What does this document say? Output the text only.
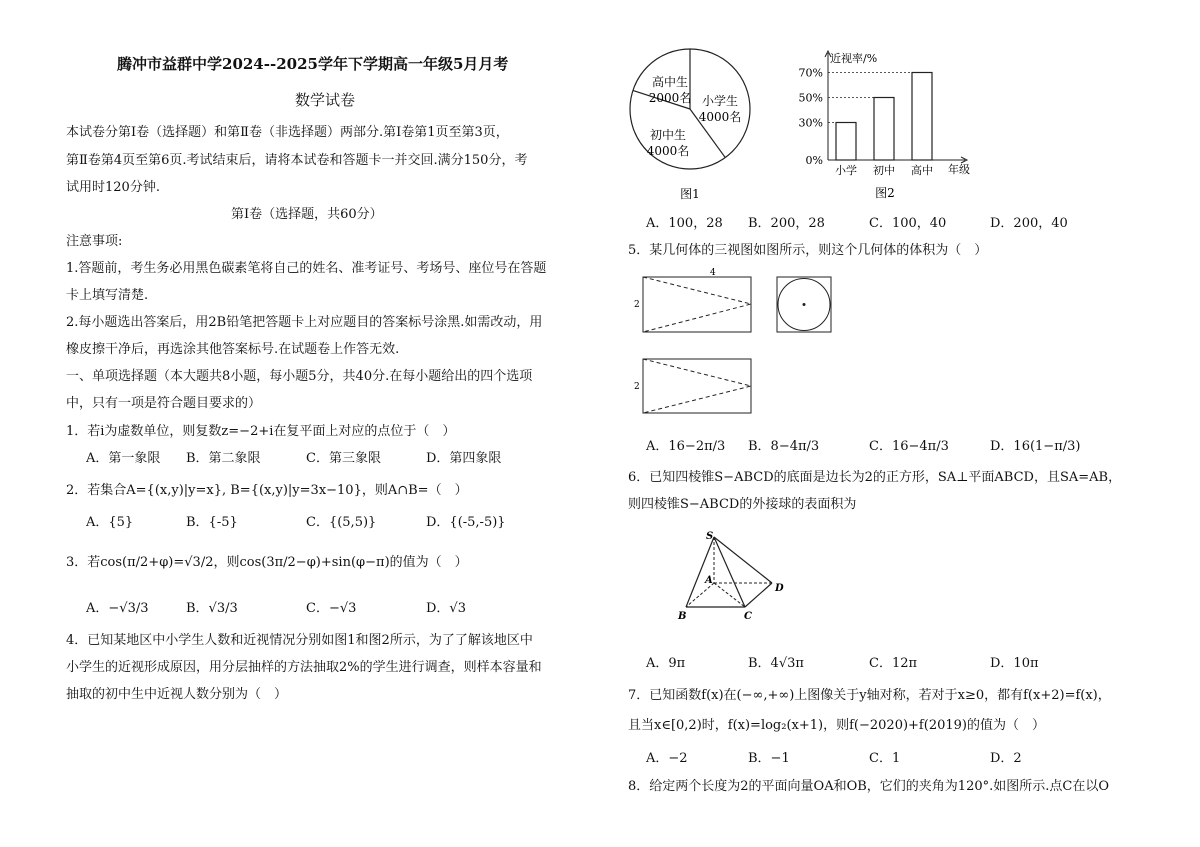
腾冲市益群中学2024--2025学年下学期高一年级5月月考
数学试卷
本试卷分第Ⅰ卷（选择题）和第Ⅱ卷（非选择题）两部分.第Ⅰ卷第1页至第3页，
第Ⅱ卷第4页至第6页.考试结束后，请将本试卷和答题卡一并交回.满分150分，考
试用时120分钟.
第Ⅰ卷（选择题，共60分）
注意事项:
1.答题前，考生务必用黑色碳素笔将自己的姓名、准考证号、考场号、座位号在答题
卡上填写清楚.
2.每小题选出答案后，用2B铅笔把答题卡上对应题目的答案标号涂黑.如需改动，用
橡皮擦干净后，再选涂其他答案标号.在试题卷上作答无效.
一、单项选择题（本大题共8小题，每小题5分，共40分.在每小题给出的四个选项
中，只有一项是符合题目要求的）
1．若i为虚数单位，则复数z=−2+i在复平面上对应的点位于（　）
A．第一象限 B．第二象限	C．第三象限	D．第四象限
2．若集合A={(x,y)|y=x}, B={(x,y)|y=3x−10}，则A∩B=（　）
A．{5}	B．{-5}	C．{(5,5)}	D．{(-5,-5)}
3．若cos(π/2+φ)=√3/2，则cos(3π/2−φ)+sin(φ−π)的值为（　）
A．−√3/3	B．√3/3	C．−√3	D．√3
4．已知某地区中小学生人数和近视情况分别如图1和图2所示，为了了解该地区中
小学生的近视形成原因，用分层抽样的方法抽取2%的学生进行调查，则样本容量和
抽取的初中生中近视人数分别为（　）
高中生
2000名 小学生
4000名
初中生
4000名
图1
0%
30%
小学
50%
初中
70%
高中
近视率/%
年级
图2
A．100，28 B．200，28	C．100，40	D．200，40
5．某几何体的三视图如图所示，则这个几何体的体积为（　）
4
2
2
A．16−2π/3 B．8−4π/3	C．16−4π/3	D．16(1−π/3)
6．已知四棱锥S−ABCD的底面是边长为2的正方形，SA⊥平面ABCD，且SA=AB，
则四棱锥S−ABCD的外接球的表面积为
S
A
B	C
D
A．9π	B．4√3π	C．12π	D．10π
7．已知函数f(x)在(−∞,+∞)上图像关于y轴对称，若对于x≥0，都有f(x+2)=f(x)，
且当x∈[0,2)时，f(x)=log₂(x+1)，则f(−2020)+f(2019)的值为（　）
A．−2	B．−1	C．1	D．2
8．给定两个长度为2的平面向量OA和OB，它们的夹角为120°.如图所示.点C在以O
